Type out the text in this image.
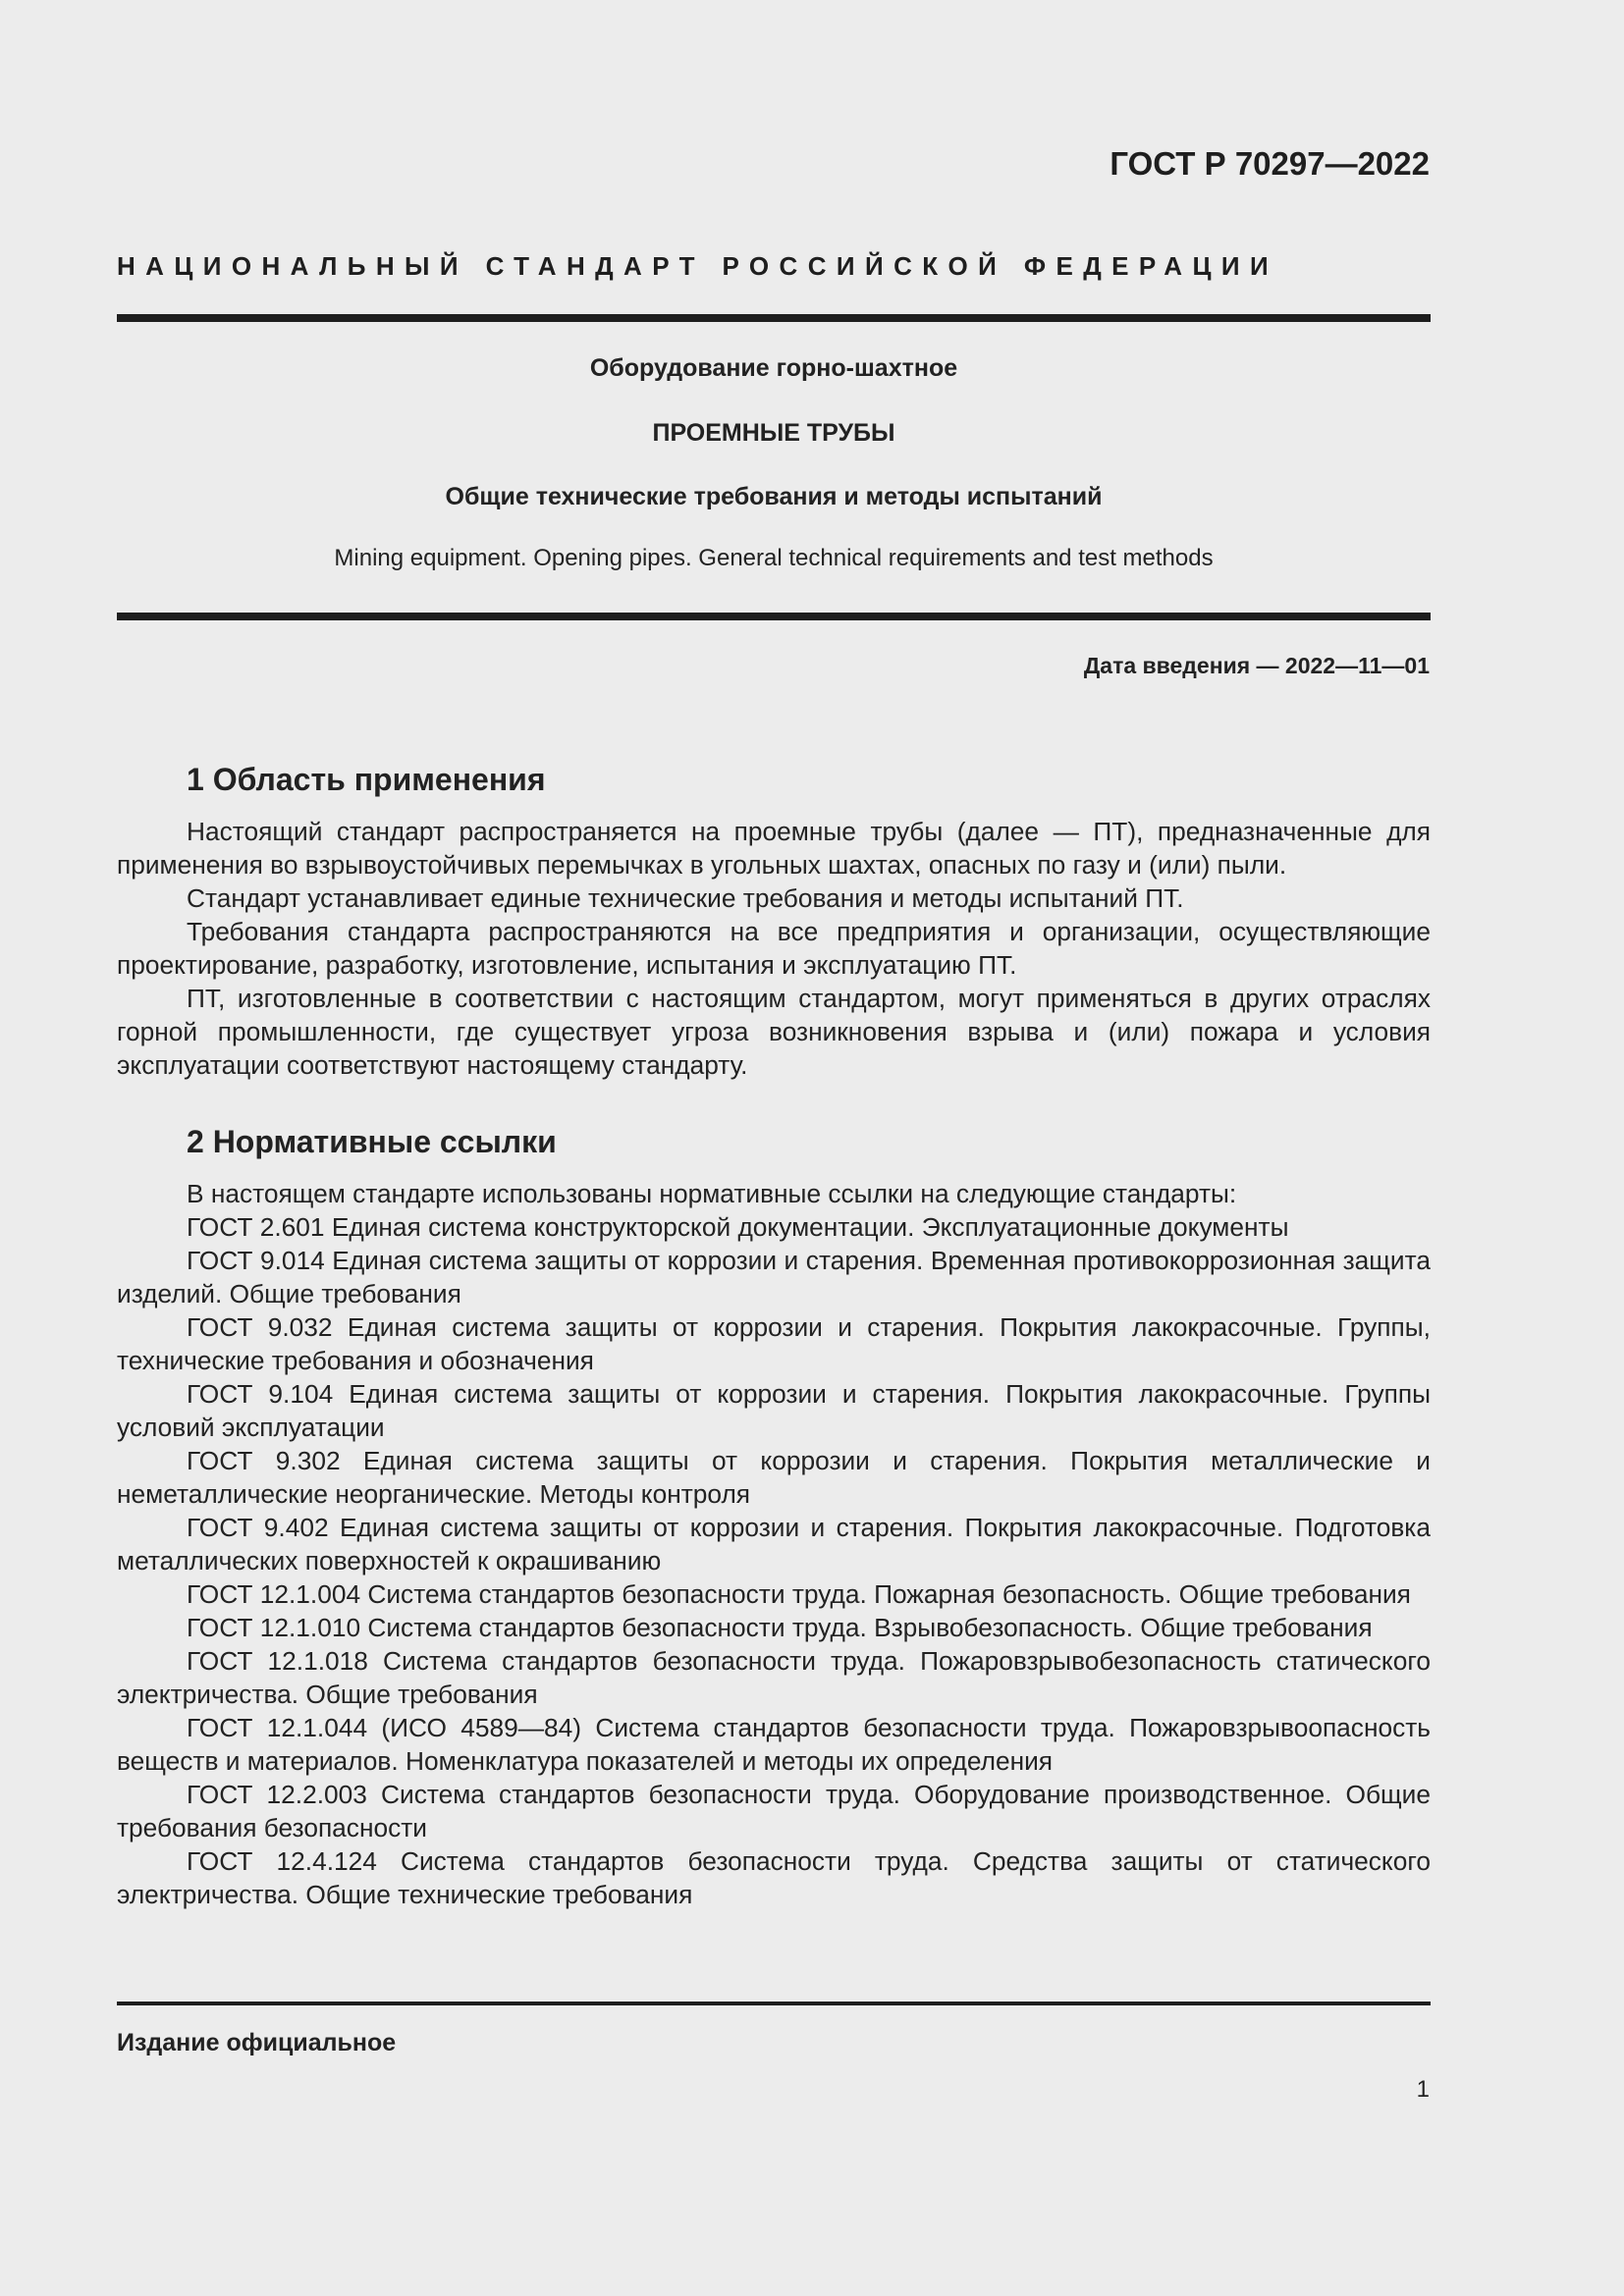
ГОСТ Р 70297—2022
НАЦИОНАЛЬНЫЙ СТАНДАРТ РОССИЙСКОЙ ФЕДЕРАЦИИ
Оборудование горно-шахтное
ПРОЕМНЫЕ ТРУБЫ
Общие технические требования и методы испытаний
Mining equipment. Opening pipes. General technical requirements and test methods
Дата введения — 2022—11—01
1 Область применения

Настоящий стандарт распространяется на проемные трубы (далее — ПТ), предназначенные для применения во взрывоустойчивых перемычках в угольных шахтах, опасных по газу и (или) пыли.

Стандарт устанавливает единые технические требования и методы испытаний ПТ.

Требования стандарта распространяются на все предприятия и организации, осуществляющие проектирование, разработку, изготовление, испытания и эксплуатацию ПТ.

ПТ, изготовленные в соответствии с настоящим стандартом, могут применяться в других отраслях горной промышленности, где существует угроза возникновения взрыва и (или) пожара и условия эксплуатации соответствуют настоящему стандарту.

2 Нормативные ссылки

В настоящем стандарте использованы нормативные ссылки на следующие стандарты:

ГОСТ 2.601 Единая система конструкторской документации. Эксплуатационные документы
ГОСТ 9.014 Единая система защиты от коррозии и старения. Временная противокоррозионная защита изделий. Общие требования
ГОСТ 9.032 Единая система защиты от коррозии и старения. Покрытия лакокрасочные. Группы, технические требования и обозначения
ГОСТ 9.104 Единая система защиты от коррозии и старения. Покрытия лакокрасочные. Группы условий эксплуатации
ГОСТ 9.302 Единая система защиты от коррозии и старения. Покрытия металлические и неметаллические неорганические. Методы контроля
ГОСТ 9.402 Единая система защиты от коррозии и старения. Покрытия лакокрасочные. Подготовка металлических поверхностей к окрашиванию
ГОСТ 12.1.004 Система стандартов безопасности труда. Пожарная безопасность. Общие требования
ГОСТ 12.1.010 Система стандартов безопасности труда. Взрывобезопасность. Общие требования
ГОСТ 12.1.018 Система стандартов безопасности труда. Пожаровзрывобезопасность статического электричества. Общие требования
ГОСТ 12.1.044 (ИСО 4589—84) Система стандартов безопасности труда. Пожаровзрывоопасность веществ и материалов. Номенклатура показателей и методы их определения
ГОСТ 12.2.003 Система стандартов безопасности труда. Оборудование производственное. Общие требования безопасности
ГОСТ 12.4.124 Система стандартов безопасности труда. Средства защиты от статического электричества. Общие технические требования
Издание официальное
1
